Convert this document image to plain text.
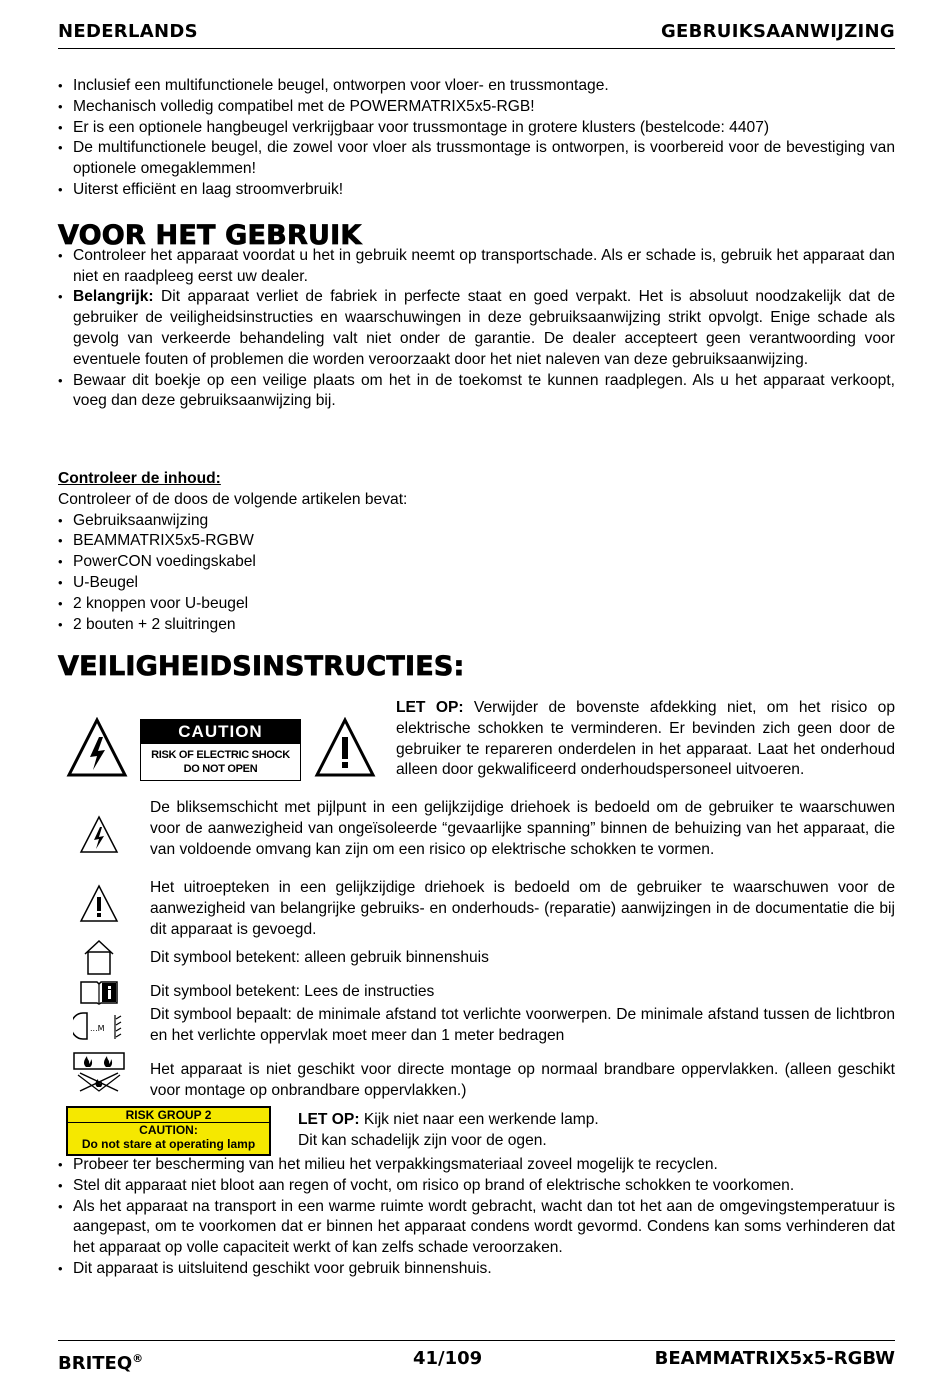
NEDERLANDS	GEBRUIKSAANWIJZING
• Inclusief een multifunctionele beugel, ontworpen voor vloer- en trussmontage.
• Mechanisch volledig compatibel met de POWERMATRIX5x5-RGB!
• Er is een optionele hangbeugel verkrijgbaar voor trussmontage in grotere klusters (bestelcode: 4407)
• De multifunctionele beugel, die zowel voor vloer als trussmontage is ontworpen, is voorbereid voor de bevestiging van optionele omegaklemmen!
• Uiterst efficiënt en laag stroomverbruik!
VOOR HET GEBRUIK
• Controleer het apparaat voordat u het in gebruik neemt op transportschade. Als er schade is, gebruik het apparaat dan niet en raadpleeg eerst uw dealer.
• Belangrijk: Dit apparaat verliet de fabriek in perfecte staat en goed verpakt. Het is absoluut noodzakelijk dat de gebruiker de veiligheidsinstructies en waarschuwingen in deze gebruiksaanwijzing strikt opvolgt. Enige schade als gevolg van verkeerde behandeling valt niet onder de garantie. De dealer accepteert geen verantwoording voor eventuele fouten of problemen die worden veroorzaakt door het niet naleven van deze gebruiksaanwijzing.
• Bewaar dit boekje op een veilige plaats om het in de toekomst te kunnen raadplegen. Als u het apparaat verkoopt, voeg dan deze gebruiksaanwijzing bij.
Controleer de inhoud:
Controleer of de doos de volgende artikelen bevat:
• Gebruiksaanwijzing
• BEAMMATRIX5x5-RGBW
• PowerCON voedingskabel
• U-Beugel
• 2 knoppen voor U-beugel
• 2 bouten + 2 sluitringen
VEILIGHEIDSINSTRUCTIES:
CAUTION
RISK OF ELECTRIC SHOCK
DO NOT OPEN
LET OP: Verwijder de bovenste afdekking niet, om het risico op elektrische schokken te verminderen. Er bevinden zich geen door de gebruiker te repareren onderdelen in het apparaat. Laat het onderhoud alleen door gekwalificeerd onderhoudspersoneel uitvoeren.
De bliksemschicht met pijlpunt in een gelijkzijdige driehoek is bedoeld om de gebruiker te waarschuwen voor de aanwezigheid van ongeïsoleerde “gevaarlijke spanning” binnen de behuizing van het apparaat, die van voldoende omvang kan zijn om een risico op elektrische schokken te vormen.
Het uitroepteken in een gelijkzijdige driehoek is bedoeld om de gebruiker te waarschuwen voor de aanwezigheid van belangrijke gebruiks- en onderhouds- (reparatie) aanwijzingen in de documentatie die bij dit apparaat is gevoegd.
Dit symbool betekent: alleen gebruik binnenshuis
Dit symbool betekent: Lees de instructies
...M
Dit symbool bepaalt: de minimale afstand tot verlichte voorwerpen. De minimale afstand tussen de lichtbron en het verlichte oppervlak moet meer dan 1 meter bedragen
Het apparaat is niet geschikt voor directe montage op normaal brandbare oppervlakken. (alleen geschikt voor montage op onbrandbare oppervlakken.)
RISK GROUP 2
CAUTION:
Do not stare at operating lamp
LET OP: Kijk niet naar een werkende lamp.
Dit kan schadelijk zijn voor de ogen.
• Probeer ter bescherming van het milieu het verpakkingsmateriaal zoveel mogelijk te recyclen.
• Stel dit apparaat niet bloot aan regen of vocht, om risico op brand of elektrische schokken te voorkomen.
• Als het apparaat na transport in een warme ruimte wordt gebracht, wacht dan tot het aan de omgevingstemperatuur is aangepast, om te voorkomen dat er binnen het apparaat condens wordt gevormd. Condens kan soms verhinderen dat het apparaat op volle capaciteit werkt of kan zelfs schade veroorzaken.
• Dit apparaat is uitsluitend geschikt voor gebruik binnenshuis.
BRITEQ®	41/109	BEAMMATRIX5x5-RGBW
